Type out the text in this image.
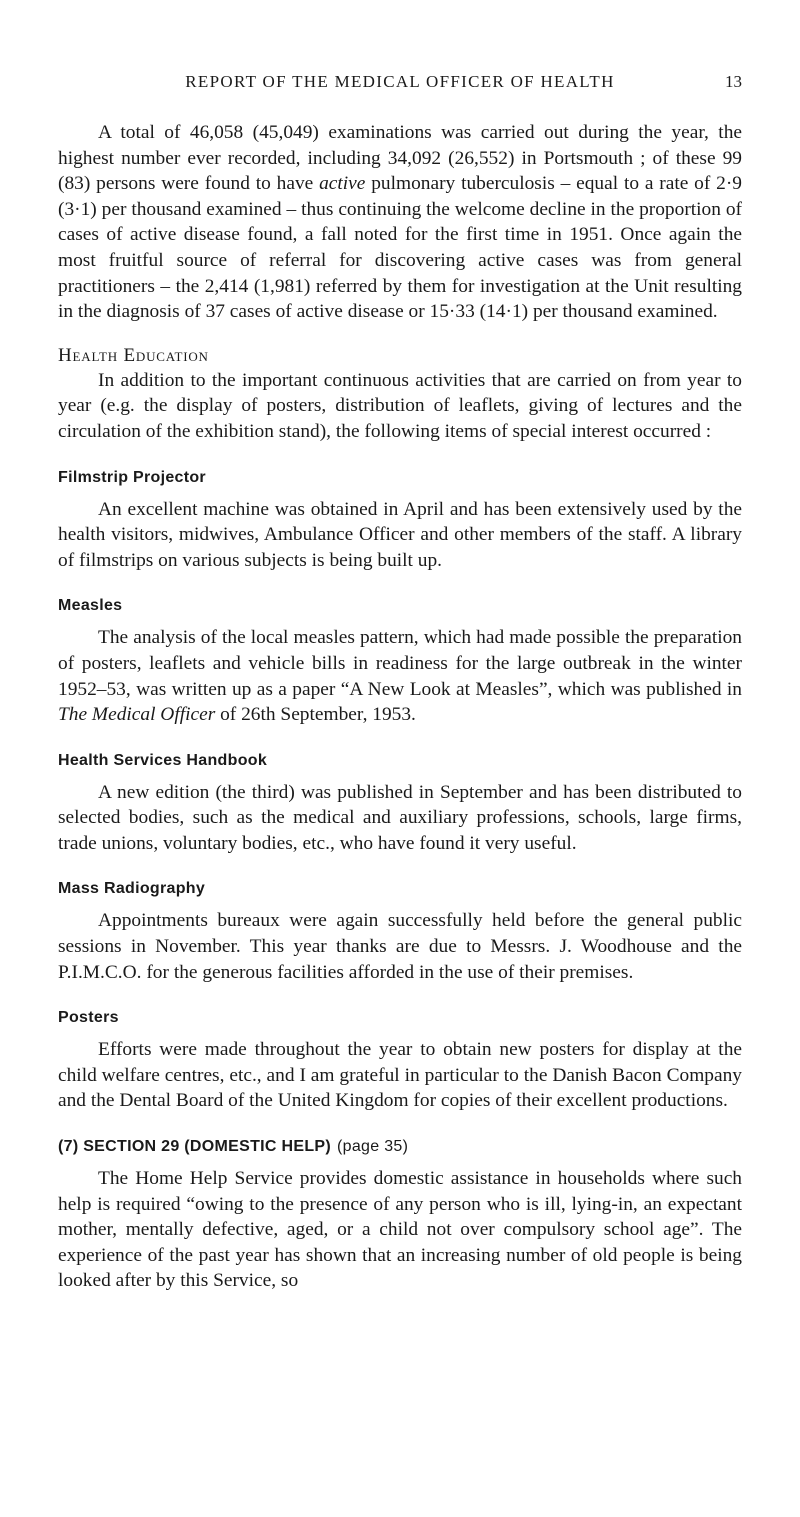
REPORT OF THE MEDICAL OFFICER OF HEALTH	13

A total of 46,058 (45,049) examinations was carried out during the year, the highest number ever recorded, including 34,092 (26,552) in Portsmouth ; of these 99 (83) persons were found to have active pulmonary tuberculosis – equal to a rate of 2·9 (3·1) per thousand examined – thus continuing the welcome decline in the proportion of cases of active disease found, a fall noted for the first time in 1951. Once again the most fruitful source of referral for discovering active cases was from general practitioners – the 2,414 (1,981) referred by them for investigation at the Unit resulting in the diagnosis of 37 cases of active disease or 15·33 (14·1) per thousand examined.

Health Education

In addition to the important continuous activities that are carried on from year to year (e.g. the display of posters, distribution of leaflets, giving of lectures and the circulation of the exhibition stand), the following items of special interest occurred :

Filmstrip Projector

An excellent machine was obtained in April and has been extensively used by the health visitors, midwives, Ambulance Officer and other members of the staff. A library of filmstrips on various subjects is being built up.

Measles

The analysis of the local measles pattern, which had made possible the preparation of posters, leaflets and vehicle bills in readiness for the large outbreak in the winter 1952–53, was written up as a paper “A New Look at Measles”, which was published in The Medical Officer of 26th September, 1953.

Health Services Handbook

A new edition (the third) was published in September and has been distributed to selected bodies, such as the medical and auxiliary professions, schools, large firms, trade unions, voluntary bodies, etc., who have found it very useful.

Mass Radiography

Appointments bureaux were again successfully held before the general public sessions in November. This year thanks are due to Messrs. J. Woodhouse and the P.I.M.C.O. for the generous facilities afforded in the use of their premises.

Posters

Efforts were made throughout the year to obtain new posters for display at the child welfare centres, etc., and I am grateful in particular to the Danish Bacon Company and the Dental Board of the United Kingdom for copies of their excellent productions.

(7) SECTION 29 (DOMESTIC HELP) (page 35)

The Home Help Service provides domestic assistance in households where such help is required “owing to the presence of any person who is ill, lying-in, an expectant mother, mentally defective, aged, or a child not over compulsory school age”. The experience of the past year has shown that an increasing number of old people is being looked after by this Service, so
